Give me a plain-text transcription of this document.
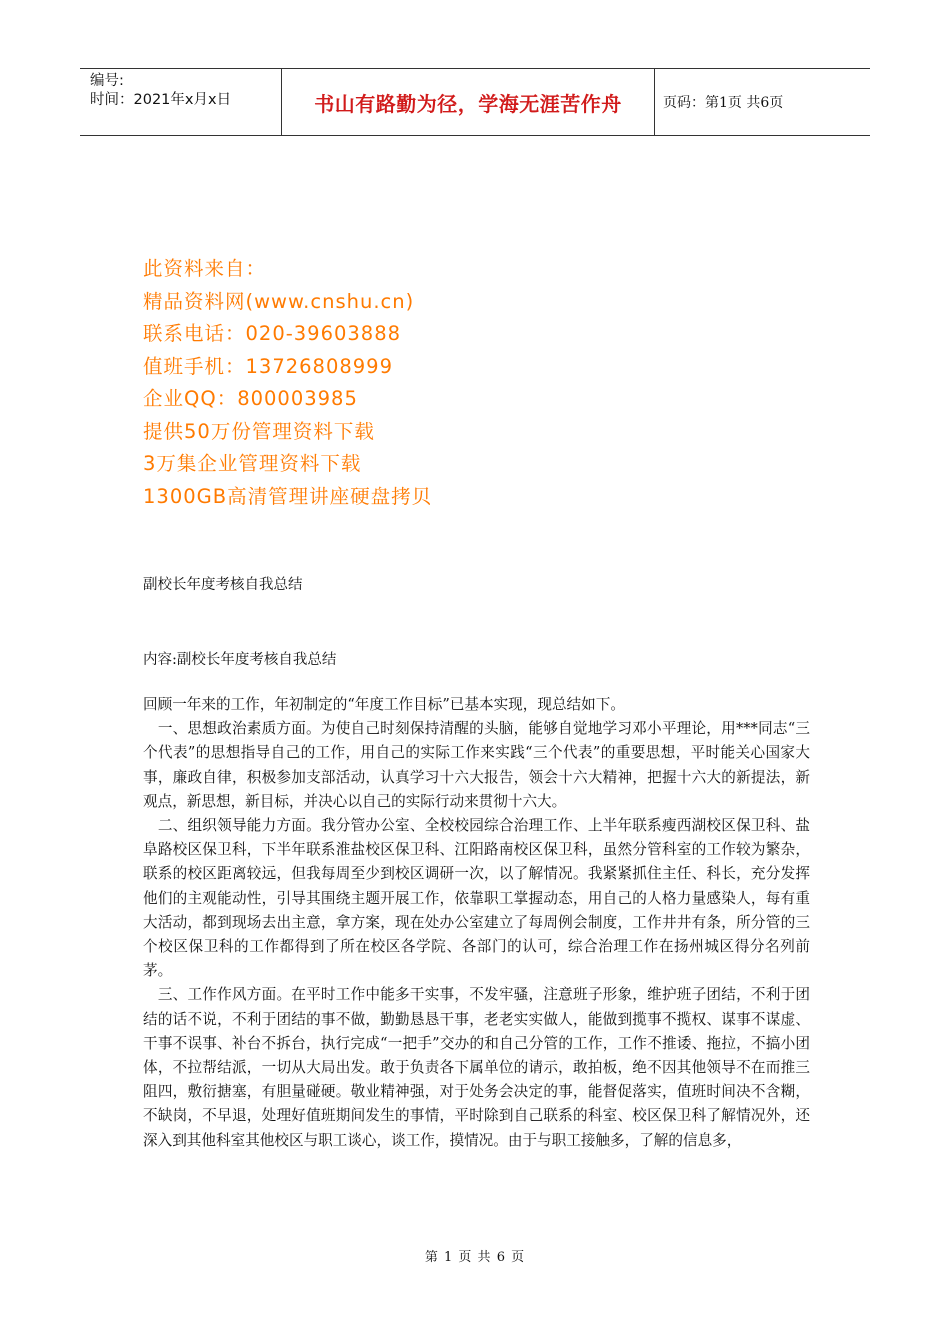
编号:
时间：2021年x月x日	书山有路勤为径，学海无涯苦作舟	页码：第1页 共6页
此资料来自：
精品资料网(www.cnshu.cn)
联系电话：020-39603888
值班手机：13726808999
企业QQ：800003985
提供50万份管理资料下载
3万集企业管理资料下载
1300GB高清管理讲座硬盘拷贝
副校长年度考核自我总结
内容:副校长年度考核自我总结

回顾一年来的工作，年初制定的“年度工作目标”已基本实现，现总结如下。

　一、思想政治素质方面。为使自己时刻保持清醒的头脑，能够自觉地学习邓小平理论，用***同志“三个代表”的思想指导自己的工作，用自己的实际工作来实践“三个代表”的重要思想，平时能关心国家大事，廉政自律，积极参加支部活动，认真学习十六大报告，领会十六大精神，把握十六大的新提法，新观点，新思想，新目标，并决心以自己的实际行动来贯彻十六大。

　二、组织领导能力方面。我分管办公室、全校校园综合治理工作、上半年联系瘦西湖校区保卫科、盐阜路校区保卫科，下半年联系淮盐校区保卫科、江阳路南校区保卫科，虽然分管科室的工作较为繁杂，联系的校区距离较远，但我每周至少到校区调研一次，以了解情况。我紧紧抓住主任、科长，充分发挥他们的主观能动性，引导其围绕主题开展工作，依靠职工掌握动态，用自己的人格力量感染人，每有重大活动，都到现场去出主意，拿方案，现在处办公室建立了每周例会制度，工作井井有条，所分管的三个校区保卫科的工作都得到了所在校区各学院、各部门的认可，综合治理工作在扬州城区得分名列前茅。

　三、工作作风方面。在平时工作中能多干实事，不发牢骚，注意班子形象，维护班子团结，不利于团结的话不说，不利于团结的事不做，勤勤恳恳干事，老老实实做人，能做到揽事不揽权、谋事不谋虚、干事不误事、补台不拆台，执行完成“一把手”交办的和自己分管的工作，工作不推诿、拖拉，不搞小团体，不拉帮结派，一切从大局出发。敢于负责各下属单位的请示，敢拍板，绝不因其他领导不在而推三阻四，敷衍搪塞，有胆量碰硬。敬业精神强，对于处务会决定的事，能督促落实，值班时间决不含糊，不缺岗，不早退，处理好值班期间发生的事情，平时除到自己联系的科室、校区保卫科了解情况外，还深入到其他科室其他校区与职工谈心，谈工作，摸情况。由于与职工接触多，了解的信息多，

第 1 页 共 6 页
